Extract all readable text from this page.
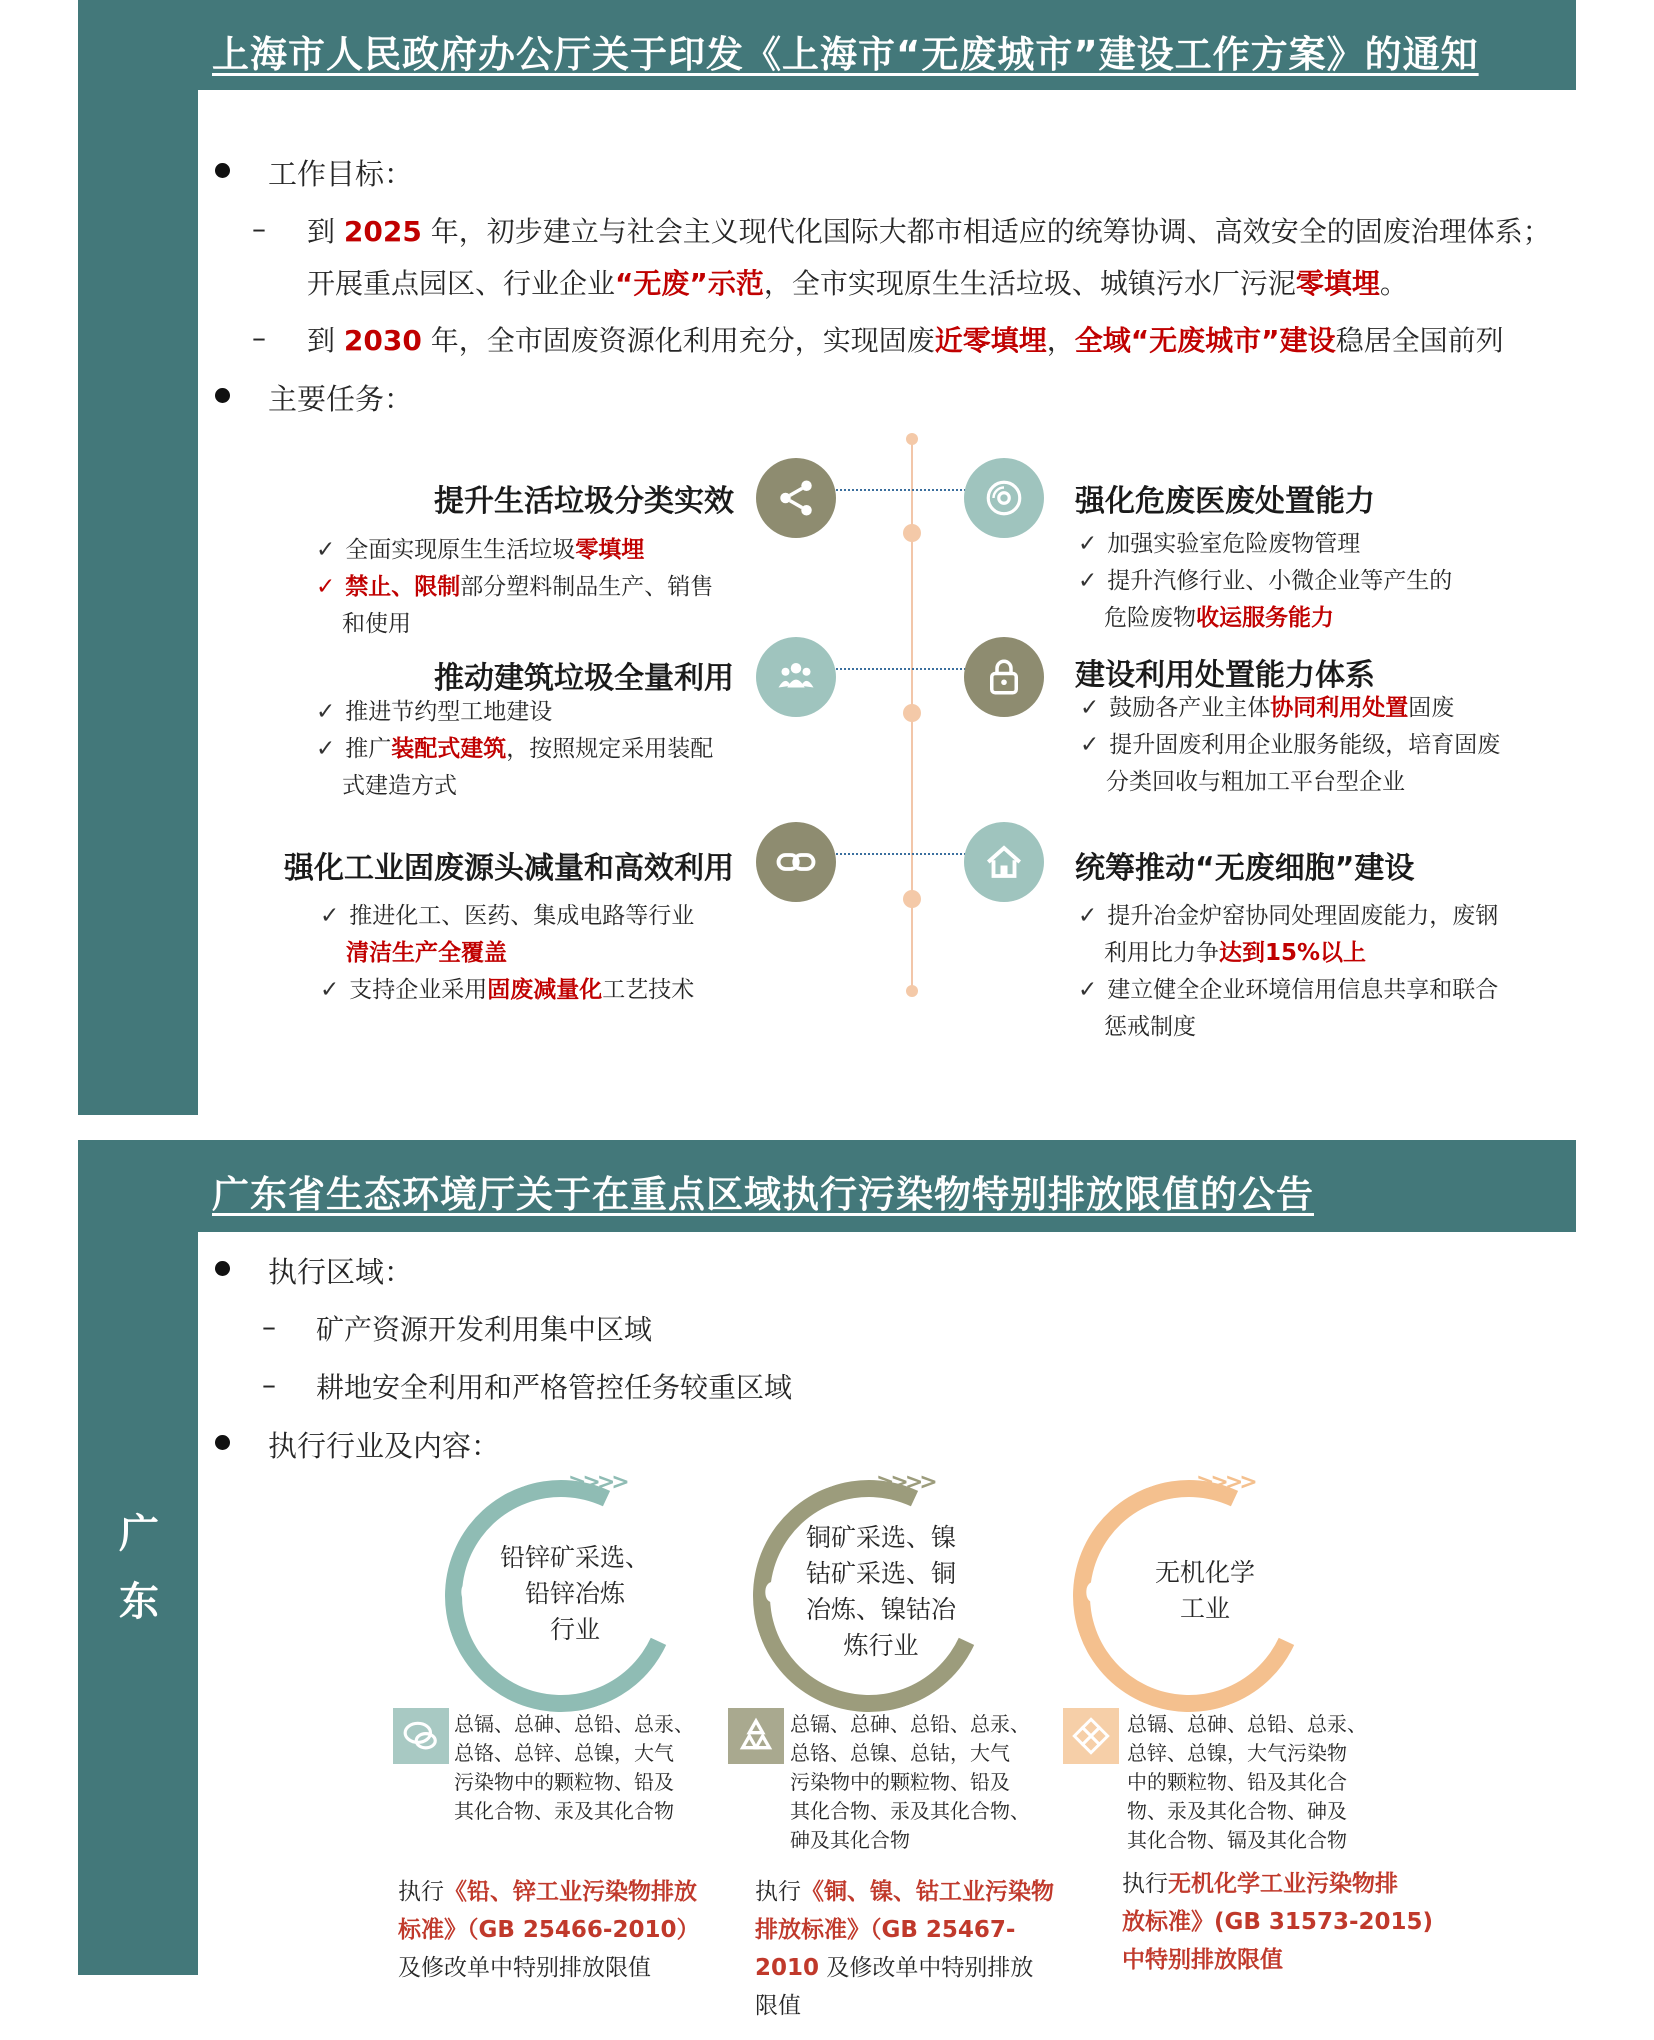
上海市人民政府办公厅关于印发《上海市“无废城市”建设工作方案》的通知
工作目标：
– 到 2025 年，初步建立与社会主义现代化国际大都市相适应的统筹协调、高效安全的固废治理体系；
开展重点园区、行业企业“无废”示范，全市实现原生生活垃圾、城镇污水厂污泥零填埋。
– 到 2030 年，全市固废资源化利用充分，实现固废近零填埋，全域“无废城市”建设稳居全国前列
主要任务：
提升生活垃圾分类实效
✓ 全面实现原生生活垃圾零填埋
✓ 禁止、限制部分塑料制品生产、销售
和使用
推动建筑垃圾全量利用
✓ 推进节约型工地建设
✓ 推广装配式建筑，按照规定采用装配
式建造方式
强化工业固废源头减量和高效利用
✓ 推进化工、医药、集成电路等行业
清洁生产全覆盖
✓ 支持企业采用固废减量化工艺技术
强化危废医废处置能力
✓ 加强实验室危险废物管理
✓ 提升汽修行业、小微企业等产生的
危险废物收运服务能力
建设利用处置能力体系
✓ 鼓励各产业主体协同利用处置固废
✓ 提升固废利用企业服务能级，培育固废
分类回收与粗加工平台型企业
统筹推动“无废细胞”建设
✓ 提升冶金炉窑协同处理固废能力，废钢
利用比力争达到15%以上
✓ 建立健全企业环境信用信息共享和联合
惩戒制度
广东省生态环境厅关于在重点区域执行污染物特别排放限值的公告
广
东
执行区域：
– 矿产资源开发利用集中区域
– 耕地安全利用和严格管控任务较重区域
执行行业及内容：
>>>>
01
铅锌矿采选、
铅锌冶炼
行业
>>>>
01
铜矿采选、镍
钴矿采选、铜
冶炼、镍钴冶
炼行业
>>>>
01
无机化学
工业
总镉、总砷、总铅、总汞、
总铬、总锌、总镍，大气
污染物中的颗粒物、铅及
其化合物、汞及其化合物
总镉、总砷、总铅、总汞、
总铬、总镍、总钴，大气
污染物中的颗粒物、铅及
其化合物、汞及其化合物、
砷及其化合物
总镉、总砷、总铅、总汞、
总锌、总镍，大气污染物
中的颗粒物、铅及其化合
物、汞及其化合物、砷及
其化合物、镉及其化合物
执行《铅、锌工业污染物排放
标准》（GB 25466-2010）
及修改单中特别排放限值
执行《铜、镍、钴工业污染物
排放标准》（GB 25467-
2010 及修改单中特别排放
限值
执行无机化学工业污染物排
放标准》(GB 31573-2015)
中特别排放限值
